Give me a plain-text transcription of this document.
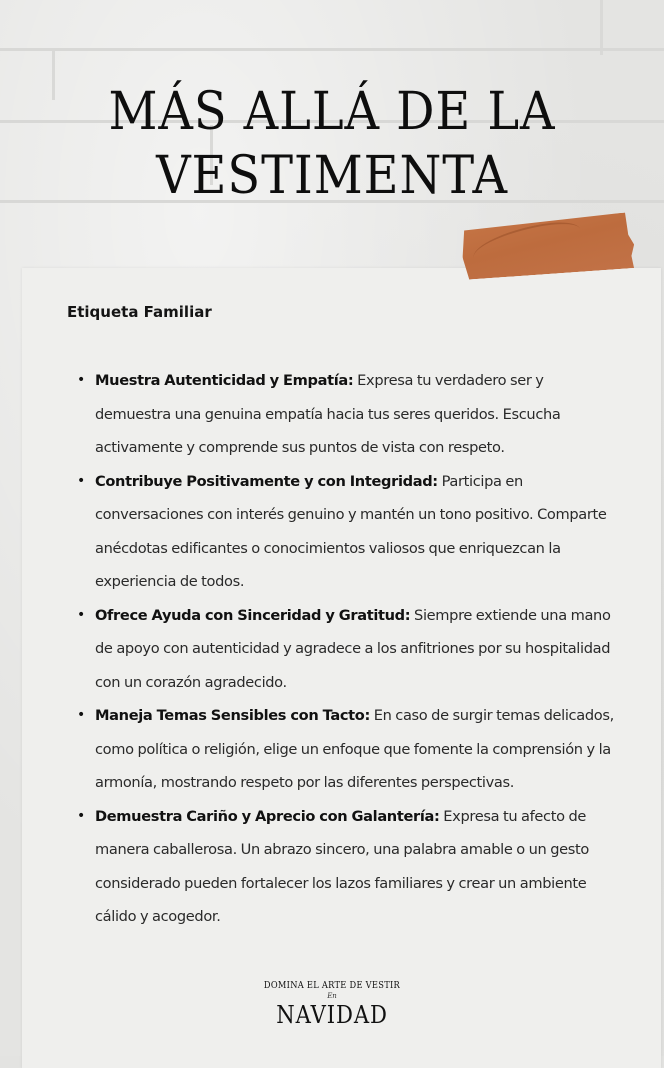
MÁS ALLÁ DE LA
VESTIMENTA
Etiqueta Familiar
• Muestra Autenticidad y Empatía: Expresa tu verdadero ser y demuestra una genuina empatía hacia tus seres queridos. Escucha activamente y comprende sus puntos de vista con respeto.
• Contribuye Positivamente y con Integridad: Participa en conversaciones con interés genuino y mantén un tono positivo. Comparte anécdotas edificantes o conocimientos valiosos que enriquezcan la experiencia de todos.
• Ofrece Ayuda con Sinceridad y Gratitud: Siempre extiende una mano de apoyo con autenticidad y agradece a los anfitriones por su hospitalidad con un corazón agradecido.
• Maneja Temas Sensibles con Tacto: En caso de surgir temas delicados, como política o religión, elige un enfoque que fomente la comprensión y la armonía, mostrando respeto por las diferentes perspectivas.
• Demuestra Cariño y Aprecio con Galantería: Expresa tu afecto de manera caballerosa. Un abrazo sincero, una palabra amable o un gesto considerado pueden fortalecer los lazos familiares y crear un ambiente cálido y acogedor.
DOMINA EL ARTE DE VESTIR
En
NAVIDAD
